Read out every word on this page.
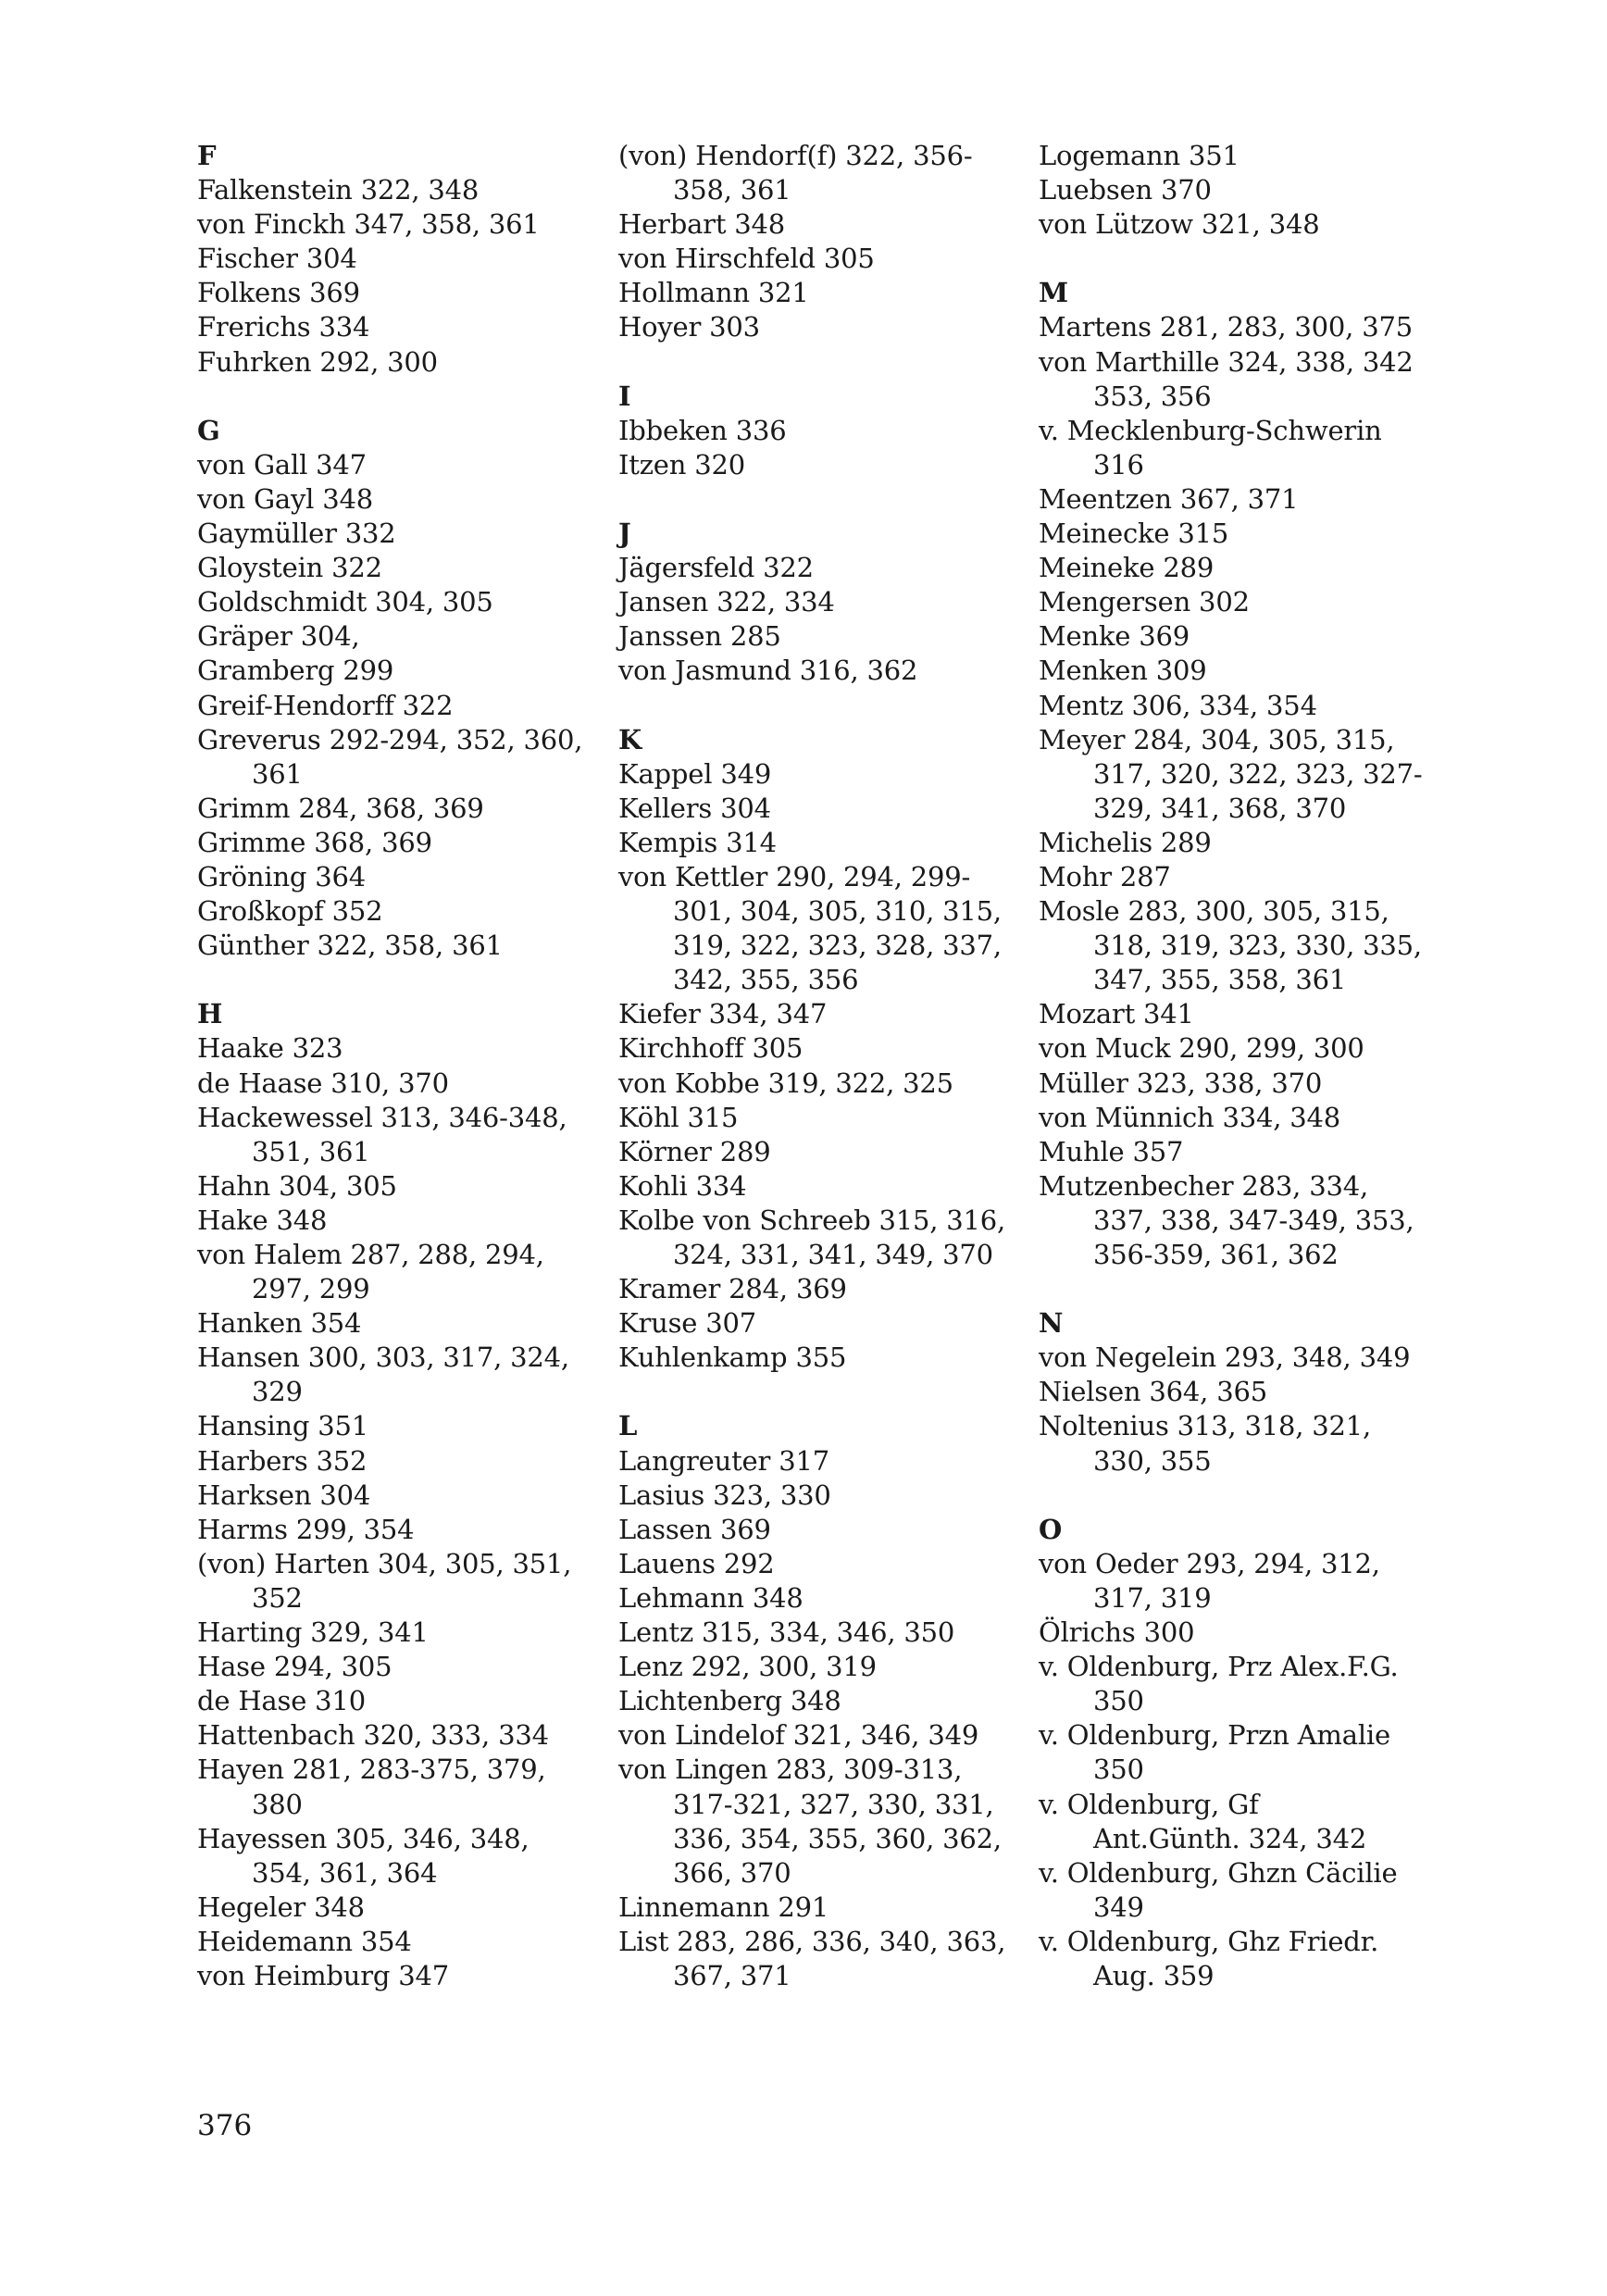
F
Falkenstein 322, 348
von Finckh 347, 358, 361
Fischer 304
Folkens 369
Frerichs 334
Fuhrken 292, 300
G
von Gall 347
von Gayl 348
Gaymüller 332
Gloystein 322
Goldschmidt 304, 305
Gräper 304,
Gramberg 299
Greif-Hendorff 322
Greverus 292-294, 352, 360,
361
Grimm 284, 368, 369
Grimme 368, 369
Gröning 364
Großkopf 352
Günther 322, 358, 361
H
Haake 323
de Haase 310, 370
Hackewessel 313, 346-348,
351, 361
Hahn 304, 305
Hake 348
von Halem 287, 288, 294,
297, 299
Hanken 354
Hansen 300, 303, 317, 324,
329
Hansing 351
Harbers 352
Harksen 304
Harms 299, 354
(von) Harten 304, 305, 351,
352
Harting 329, 341
Hase 294, 305
de Hase 310
Hattenbach 320, 333, 334
Hayen 281, 283-375, 379,
380
Hayessen 305, 346, 348,
354, 361, 364
Hegeler 348
Heidemann 354
von Heimburg 347
(von) Hendorf(f) 322, 356-
358, 361
Herbart 348
von Hirschfeld 305
Hollmann 321
Hoyer 303
I
Ibbeken 336
Itzen 320
J
Jägersfeld 322
Jansen 322, 334
Janssen 285
von Jasmund 316, 362
K
Kappel 349
Kellers 304
Kempis 314
von Kettler 290, 294, 299-
301, 304, 305, 310, 315,
319, 322, 323, 328, 337,
342, 355, 356
Kiefer 334, 347
Kirchhoff 305
von Kobbe 319, 322, 325
Köhl 315
Körner 289
Kohli 334
Kolbe von Schreeb 315, 316,
324, 331, 341, 349, 370
Kramer 284, 369
Kruse 307
Kuhlenkamp 355
L
Langreuter 317
Lasius 323, 330
Lassen 369
Lauens 292
Lehmann 348
Lentz 315, 334, 346, 350
Lenz 292, 300, 319
Lichtenberg 348
von Lindelof 321, 346, 349
von Lingen 283, 309-313,
317-321, 327, 330, 331,
336, 354, 355, 360, 362,
366, 370
Linnemann 291
List 283, 286, 336, 340, 363,
367, 371
Logemann 351
Luebsen 370
von Lützow 321, 348
M
Martens 281, 283, 300, 375
von Marthille 324, 338, 342
353, 356
v. Mecklenburg-Schwerin
316
Meentzen 367, 371
Meinecke 315
Meineke 289
Mengersen 302
Menke 369
Menken 309
Mentz 306, 334, 354
Meyer 284, 304, 305, 315,
317, 320, 322, 323, 327-
329, 341, 368, 370
Michelis 289
Mohr 287
Mosle 283, 300, 305, 315,
318, 319, 323, 330, 335,
347, 355, 358, 361
Mozart 341
von Muck 290, 299, 300
Müller 323, 338, 370
von Münnich 334, 348
Muhle 357
Mutzenbecher 283, 334,
337, 338, 347-349, 353,
356-359, 361, 362
N
von Negelein 293, 348, 349
Nielsen 364, 365
Noltenius 313, 318, 321,
330, 355
O
von Oeder 293, 294, 312,
317, 319
Ölrichs 300
v. Oldenburg, Prz Alex.F.G.
350
v. Oldenburg, Przn Amalie
350
v. Oldenburg, Gf
Ant.Günth. 324, 342
v. Oldenburg, Ghzn Cäcilie
349
v. Oldenburg, Ghz Friedr.
Aug. 359
376
